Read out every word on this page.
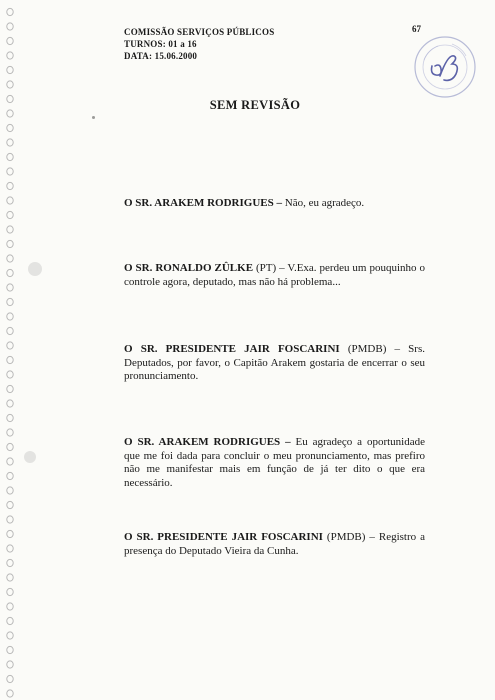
COMISSÃO SERVIÇOS PÚBLICOS
TURNOS: 01 a 16
DATA: 15.06.2000
67
SEM REVISÃO

O SR. ARAKEM RODRIGUES – Não, eu agradeço.

O SR. RONALDO ZÛLKE (PT) – V.Exa. perdeu um pouquinho o controle agora, deputado, mas não há problema...

O SR. PRESIDENTE JAIR FOSCARINI (PMDB) – Srs. Deputados, por favor, o Capitão Arakem gostaria de encerrar o seu pronunciamento.

O SR. ARAKEM RODRIGUES – Eu agradeço a oportunidade que me foi dada para concluir o meu pronunciamento, mas prefiro não me manifestar mais em função de já ter dito o que era necessário.

O SR. PRESIDENTE JAIR FOSCARINI (PMDB) – Registro a presença do Deputado Vieira da Cunha.
